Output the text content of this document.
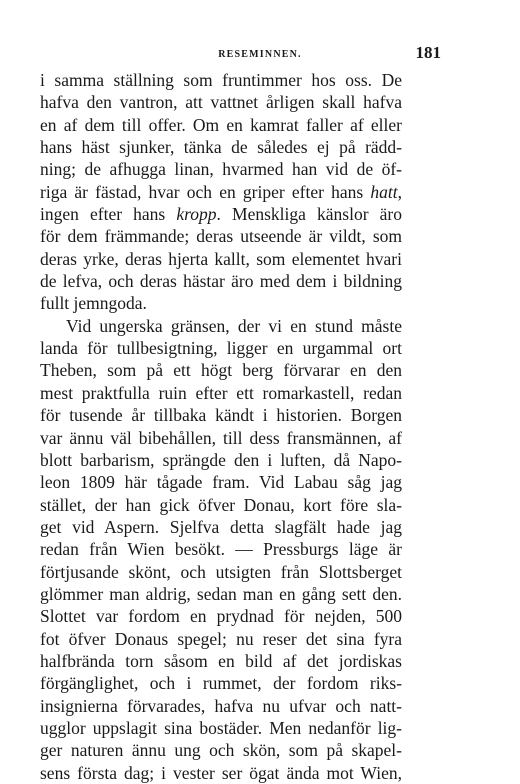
RESEMINNEN.	181
i samma ställning som fruntimmer hos oss. De
hafva den vantron, att vattnet årligen skall hafva
en af dem till offer. Om en kamrat faller af eller
hans häst sjunker, tänka de således ej på rädd-
ning; de afhugga linan, hvarmed han vid de öf-
riga är fästad, hvar och en griper efter hans hatt,
ingen efter hans kropp. Menskliga känslor äro
för dem främmande; deras utseende är vildt, som
deras yrke, deras hjerta kallt, som elementet hvari
de lefva, och deras hästar äro med dem i bildning
fullt jemngoda.
Vid ungerska gränsen, der vi en stund måste
landa för tullbesigtning, ligger en urgammal ort
Theben, som på ett högt berg förvarar en den
mest praktfulla ruin efter ett romarkastell, redan
för tusende år tillbaka kändt i historien. Borgen
var ännu väl bibehållen, till dess fransmännen, af
blott barbarism, sprängde den i luften, då Napo-
leon 1809 här tågade fram. Vid Labau såg jag
stället, der han gick öfver Donau, kort före sla-
get vid Aspern. Sjelfva detta slagfält hade jag
redan från Wien besökt. — Pressburgs läge är
förtjusande skönt, och utsigten från Slottsberget
glömmer man aldrig, sedan man en gång sett den.
Slottet var fordom en prydnad för nejden, 500
fot öfver Donaus spegel; nu reser det sina fyra
halfbrända torn såsom en bild af det jordiskas
förgänglighet, och i rummet, der fordom riks-
insignierna förvarades, hafva nu ufvar och natt-
ugglor uppslagit sina bostäder. Men nedanför lig-
ger naturen ännu ung och skön, som på skapel-
sens första dag; i vester ser ögat ända mot Wien,
